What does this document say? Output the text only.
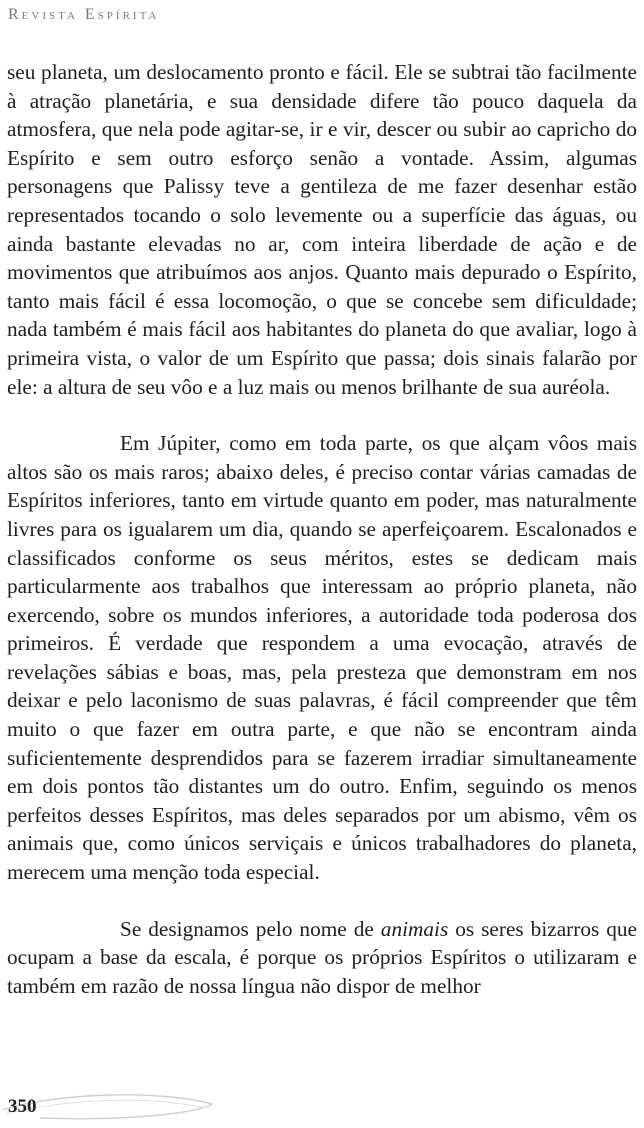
Revista Espírita

seu planeta, um deslocamento pronto e fácil. Ele se subtrai tão facilmente à atração planetária, e sua densidade difere tão pouco daquela da atmosfera, que nela pode agitar-se, ir e vir, descer ou subir ao capricho do Espírito e sem outro esforço senão a vontade. Assim, algumas personagens que Palissy teve a gentileza de me fazer desenhar estão representados tocando o solo levemente ou a superfície das águas, ou ainda bastante elevadas no ar, com inteira liberdade de ação e de movimentos que atribuímos aos anjos. Quanto mais depurado o Espírito, tanto mais fácil é essa locomoção, o que se concebe sem dificuldade; nada também é mais fácil aos habitantes do planeta do que avaliar, logo à primeira vista, o valor de um Espírito que passa; dois sinais falarão por ele: a altura de seu vôo e a luz mais ou menos brilhante de sua auréola.

Em Júpiter, como em toda parte, os que alçam vôos mais altos são os mais raros; abaixo deles, é preciso contar várias camadas de Espíritos inferiores, tanto em virtude quanto em poder, mas naturalmente livres para os igualarem um dia, quando se aperfeiçoarem. Escalonados e classificados conforme os seus méritos, estes se dedicam mais particularmente aos trabalhos que interessam ao próprio planeta, não exercendo, sobre os mundos inferiores, a autoridade toda poderosa dos primeiros. É verdade que respondem a uma evocação, através de revelações sábias e boas, mas, pela presteza que demonstram em nos deixar e pelo laconismo de suas palavras, é fácil compreender que têm muito o que fazer em outra parte, e que não se encontram ainda suficientemente desprendidos para se fazerem irradiar simultaneamente em dois pontos tão distantes um do outro. Enfim, seguindo os menos perfeitos desses Espíritos, mas deles separados por um abismo, vêm os animais que, como únicos serviçais e únicos trabalhadores do planeta, merecem uma menção toda especial.

Se designamos pelo nome de animais os seres bizarros que ocupam a base da escala, é porque os próprios Espíritos o utilizaram e também em razão de nossa língua não dispor de melhor

350
